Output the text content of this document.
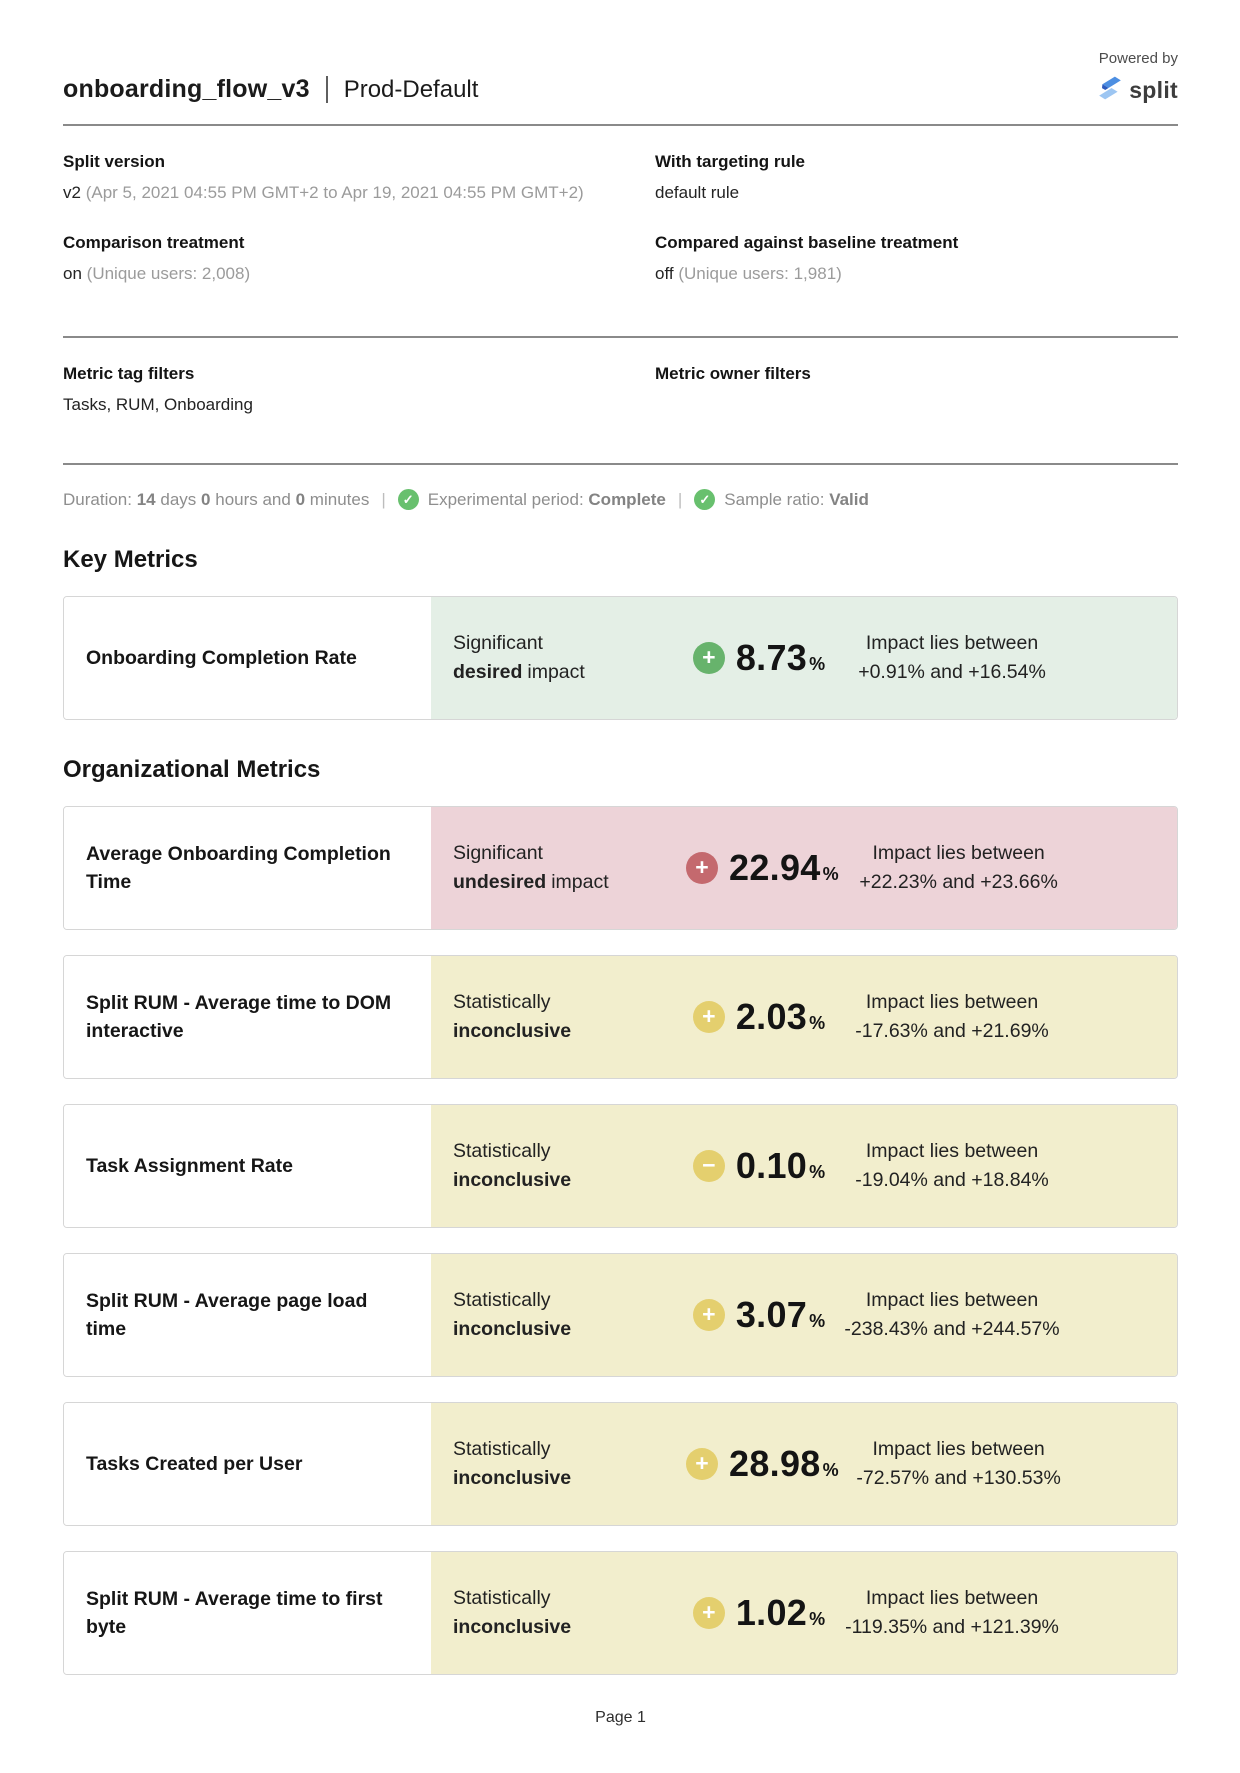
onboarding_flow_v3 Prod-Default
Powered by
split
Split version
v2 (Apr 5, 2021 04:55 PM GMT+2 to Apr 19, 2021 04:55 PM GMT+2)
With targeting rule
default rule
Comparison treatment
on (Unique users: 2,008)
Compared against baseline treatment
off (Unique users: 1,981)
Metric tag filters
Tasks, RUM, Onboarding
Metric owner filters
Duration: 14 days 0 hours and 0 minutes |	✓ Experimental period: Complete |	✓ Sample ratio: Valid
Key Metrics
Onboarding Completion Rate
Significant
desired impact
+ 8.73 %
Impact lies between
+0.91% and +16.54%
Organizational Metrics
Average Onboarding Completion Time
Significant
undesired impact
+ 22.94 %
Impact lies between
+22.23% and +23.66%
Split RUM - Average time to DOM interactive
Statistically
inconclusive
+ 2.03 %
Impact lies between
-17.63% and +21.69%
Task Assignment Rate
Statistically
inconclusive
− 0.10 %
Impact lies between
-19.04% and +18.84%
Split RUM - Average page load time
Statistically
inconclusive
+ 3.07 %
Impact lies between
-238.43% and +244.57%
Tasks Created per User
Statistically
inconclusive
+ 28.98 %
Impact lies between
-72.57% and +130.53%
Split RUM - Average time to first byte
Statistically
inconclusive
+ 1.02 %
Impact lies between
-119.35% and +121.39%
Page 1
